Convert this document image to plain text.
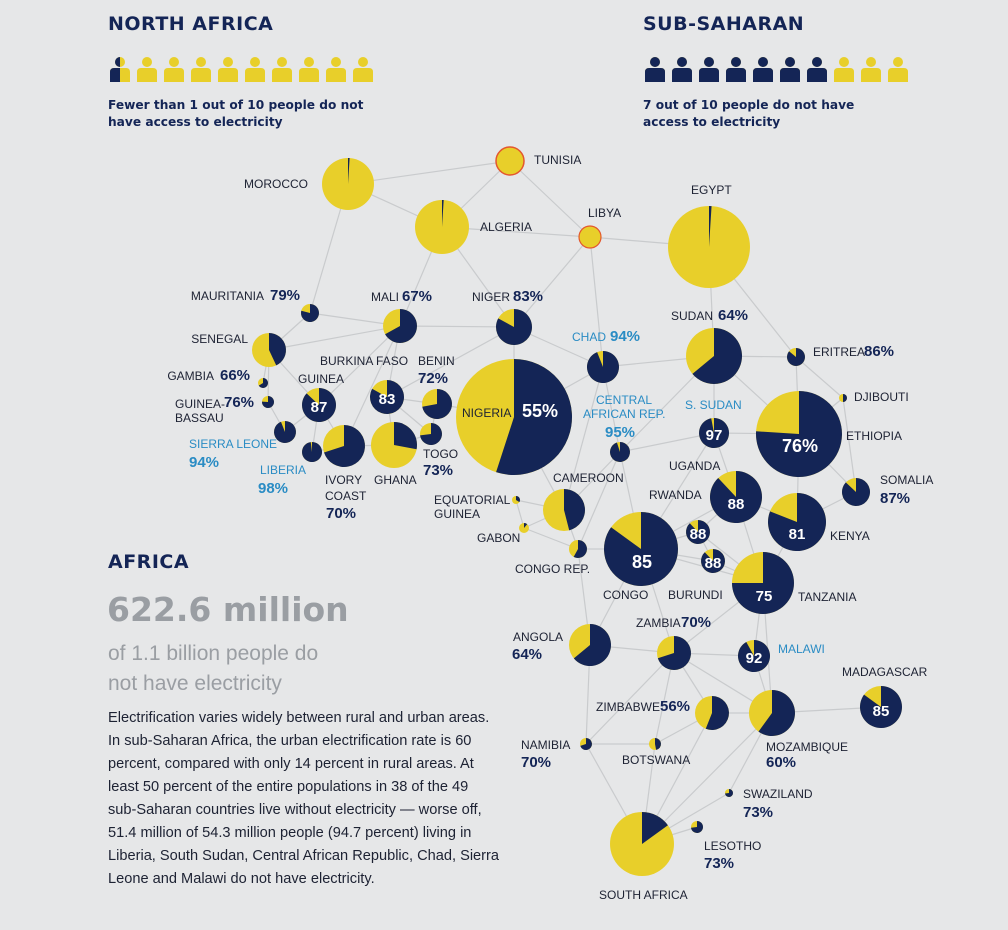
NORTH AFRICA
Fewer than 1 out of 10 people do not
have access to electricity
SUB-SAHARAN
7 out of 10 people do not have
access to electricity
MOROCCO
TUNISIA
ALGERIA
LIBYA
EGYPT
MAURITANIA 79%	MALI 67%	NIGER 83%
SENEGAL
GAMBIA 66%
GUINEA-
BASSAU
76%
GUINEA
87
BURKINA FASO
83
BENIN
72%
SIERRA LEONE
94%	LIBERIA
98%	IVORY
COAST
70%
GHANA
TOGO
73%
NIGERIA 55%
CHAD 94%
SUDAN 64%
ERITREA
86%
DJIBOUTI
CENTRAL
AFRICAN REP.
95%
S. SUDAN
97	ETHIOPIA
76%
UGANDA
88
SOMALIA
87%
CAMEROON
EQUATORIAL
GUINEA
GABON
CONGO REP.
CONGO
85
RWANDA
88
BURUNDI
88
KENYA
81
TANZANIA
75
ANGOLA
64%
ZAMBIA 70%
MALAWI
92
MADAGASCAR
85
ZIMBABWE 56%
MOZAMBIQUE
60%
NAMIBIA
70%	BOTSWANA
SWAZILAND
73%
SOUTH AFRICA
LESOTHO
73%
AFRICA
622.6 million
of 1.1 billion people do
not have electricity
Electrification varies widely between rural and urban areas.
In sub-Saharan Africa, the urban electrification rate is 60
percent, compared with only 14 percent in rural areas. At
least 50 percent of the entire populations in 38 of the 49
sub-Saharan countries live without electricity — worse off,
51.4 million of 54.3 million people (94.7 percent) living in
Liberia, South Sudan, Central African Republic, Chad, Sierra
Leone and Malawi do not have electricity.
